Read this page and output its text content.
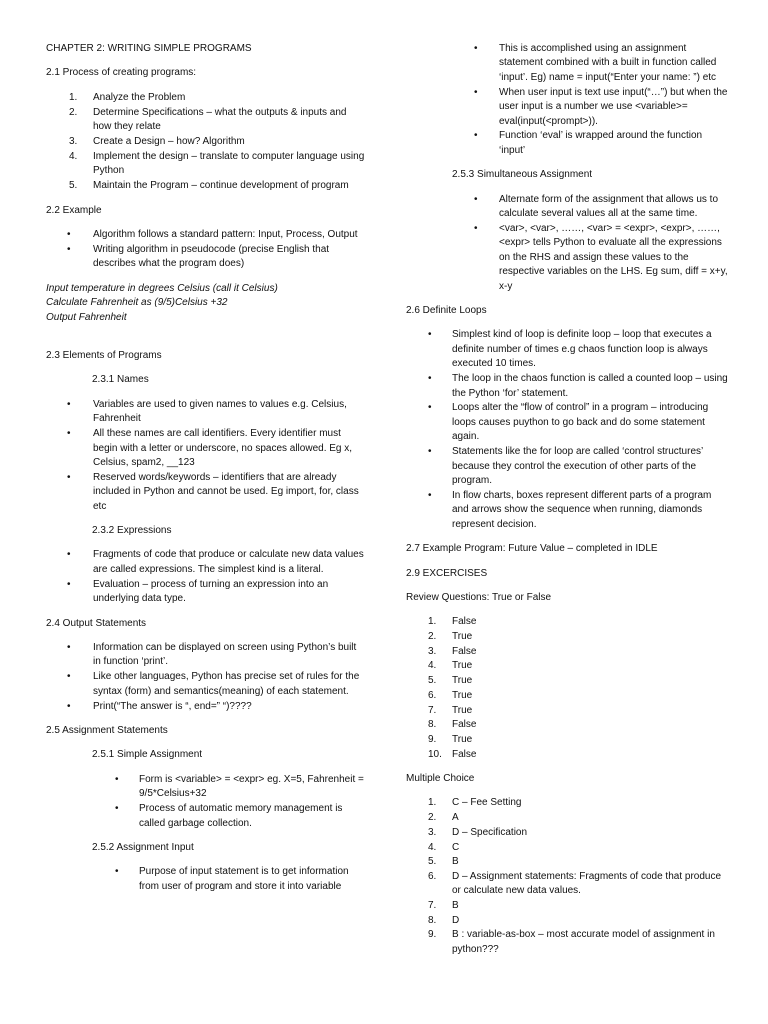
CHAPTER 2: WRITING SIMPLE PROGRAMS

2.1 Process of creating programs:

1. Analyze the Problem
2. Determine Specifications – what the outputs & inputs and how they relate
3. Create a Design – how? Algorithm
4. Implement the design – translate to computer language using Python
5. Maintain the Program – continue development of program

2.2 Example

• Algorithm follows a standard pattern: Input, Process, Output
• Writing algorithm in pseudocode (precise English that describes what the program does)

Input temperature in degrees Celsius (call it Celsius)

Calculate Fahrenheit as (9/5)Celsius +32

Output Fahrenheit

2.3 Elements of Programs

2.3.1 Names

• Variables are used to given names to values e.g. Celsius, Fahrenheit
• All these names are call identifiers. Every identifier must begin with a letter or underscore, no spaces allowed. Eg x, Celsius, spam2, __123
• Reserved words/keywords – identifiers that are already included in Python and cannot be used. Eg import, for, class etc

2.3.2 Expressions

• Fragments of code that produce or calculate new data values are called expressions. The simplest kind is a literal.
• Evaluation – process of turning an expression into an underlying data type.

2.4 Output Statements

• Information can be displayed on screen using Python’s built in function ‘print’.
• Like other languages, Python has precise set of rules for the syntax (form) and semantics(meaning) of each statement.
• Print(“The answer is “, end=” “)????

2.5 Assignment Statements

2.5.1 Simple Assignment

• Form is <variable> = <expr> eg. X=5, Fahrenheit = 9/5*Celsius+32
• Process of automatic memory management is called garbage collection.

2.5.2 Assignment Input

• Purpose of input statement is to get information from user of program and store it into variable
• This is accomplished using an assignment statement combined with a built in function called ‘input’. Eg) name = input(“Enter your name: ”) etc
• When user input is text use input(“…”) but when the user input is a number we use <variable>= eval(input(<prompt>)).
• Function ‘eval’ is wrapped around the function ‘input’

2.5.3 Simultaneous Assignment

• Alternate form of the assignment that allows us to calculate several values all at the same time.
• <var>, <var>, ……, <var> = <expr>, <expr>, ……, <expr> tells Python to evaluate all the expressions on the RHS and assign these values to the respective variables on the LHS. Eg sum, diff = x+y, x-y

2.6 Definite Loops

• Simplest kind of loop is definite loop – loop that executes a definite number of times e.g chaos function loop is always executed 10 times.
• The loop in the chaos function is called a counted loop – using the Python ‘for’ statement.
• Loops alter the “flow of control” in a program – introducing loops causes puython to go back and do some statement again.
• Statements like the for loop are called ‘control structures’ because they control the execution of other parts of the program.
• In flow charts, boxes represent different parts of a program and arrows show the sequence when running, diamonds represent decision.

2.7 Example Program: Future Value – completed in IDLE

2.9 EXCERCISES

Review Questions: True or False

1. False
2. True
3. False
4. True
5. True
6. True
7. True
8. False
9. True
10. False

Multiple Choice

1. C – Fee Setting
2. A
3. D – Specification
4. C
5. B
6. D – Assignment statements: Fragments of code that produce or calculate new data values.
7. B
8. D
9. B : variable-as-box – most accurate model of assignment in python???
